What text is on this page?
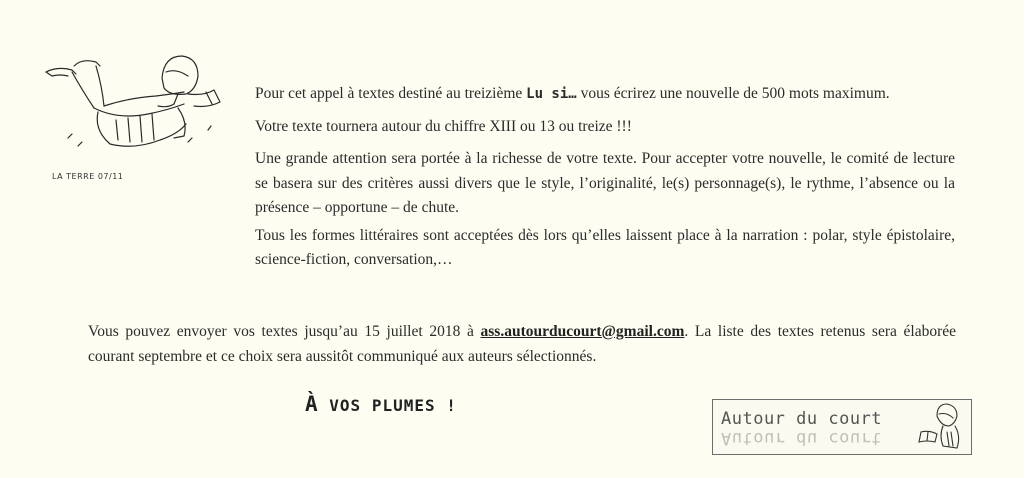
LA TERRE 07/11

Pour cet appel à textes destiné au treizième Lu si… vous écrirez une nouvelle de 500 mots maximum.

Votre texte tournera autour du chiffre XIII ou 13 ou treize !!!

Une grande attention sera portée à la richesse de votre texte. Pour accepter votre nouvelle, le comité de lecture se basera sur des critères aussi divers que le style, l’originalité, le(s) personnage(s), le rythme, l’absence ou la présence – opportune – de chute.

Tous les formes littéraires sont acceptées dès lors qu’elles laissent place à la narration : polar, style épistolaire, science-fiction, conversation,…

Vous pouvez envoyer vos textes jusqu’au 15 juillet 2018 à ass.autourducourt@gmail.com. La liste des textes retenus sera élaborée courant septembre et ce choix sera aussitôt communiqué aux auteurs sélectionnés.

À VOS PLUMES !
Autour du court
Autour du court
